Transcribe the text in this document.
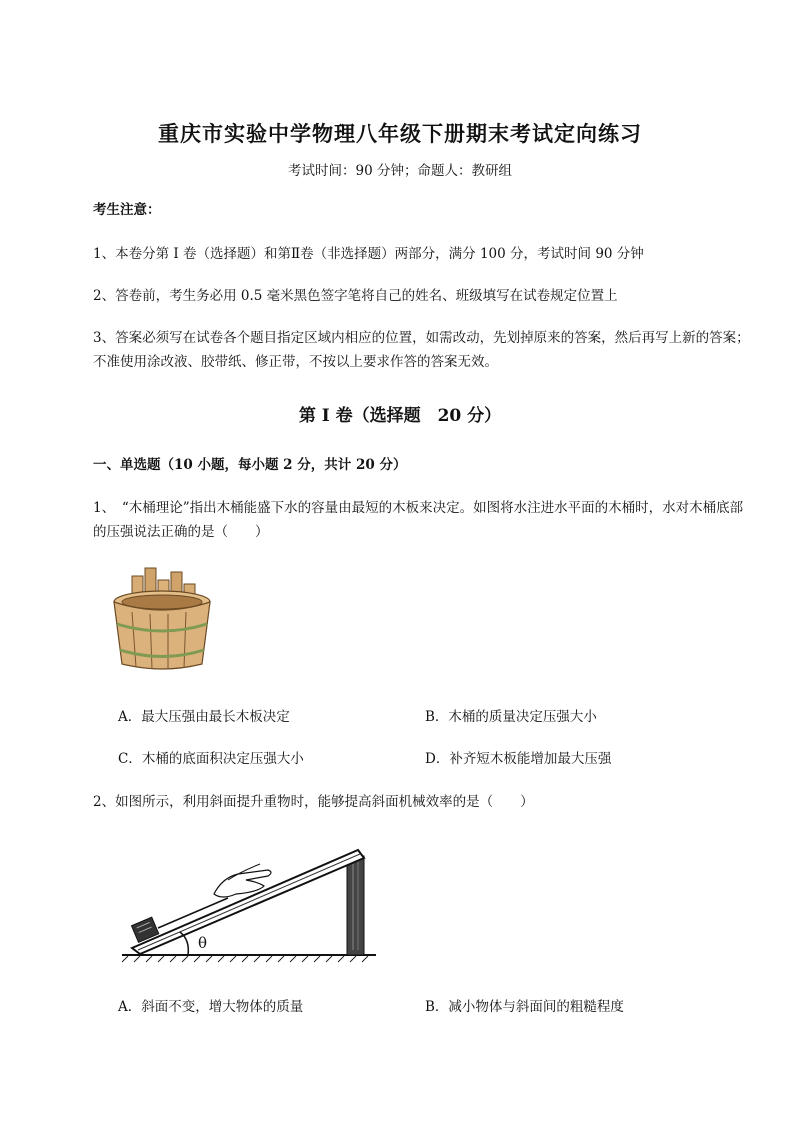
重庆市实验中学物理八年级下册期末考试定向练习
考试时间：90 分钟；命题人：教研组
考生注意：
1、本卷分第 I 卷（选择题）和第Ⅱ卷（非选择题）两部分，满分 100 分，考试时间 90 分钟
2、答卷前，考生务必用 0.5 毫米黑色签字笔将自己的姓名、班级填写在试卷规定位置上
3、答案必须写在试卷各个题目指定区域内相应的位置，如需改动，先划掉原来的答案，然后再写上新的答案；不准使用涂改液、胶带纸、修正带，不按以上要求作答的答案无效。
第 I 卷（选择题　20 分）
一、单选题（10 小题，每小题 2 分，共计 20 分）
1、　“木桶理论”指出木桶能盛下水的容量由最短的木板来决定。如图将水注进水平面的木桶时，水对木桶底部的压强说法正确的是（　　）
A．最大压强由最长木板决定	B．木桶的质量决定压强大小
C．木桶的底面积决定压强大小	D．补齐短木板能增加最大压强
2、如图所示，利用斜面提升重物时，能够提高斜面机械效率的是（　　）
θ
A．斜面不变，增大物体的质量	B．减小物体与斜面间的粗糙程度
